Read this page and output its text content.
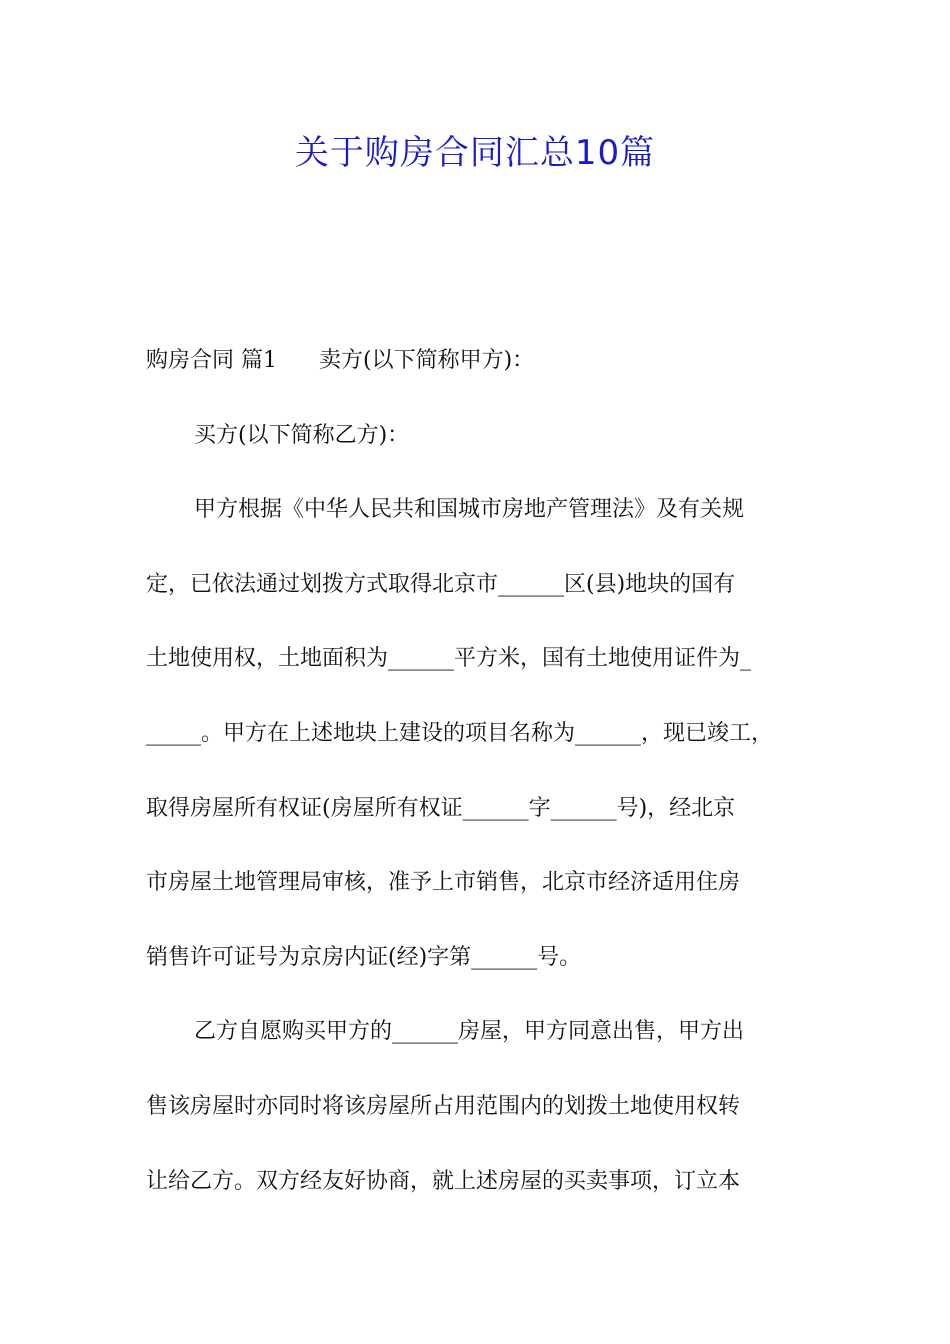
关于购房合同汇总10篇
购房合同 篇1 卖方(以下简称甲方)：
买方(以下简称乙方)：
甲方根据《中华人民共和国城市房地产管理法》及有关规
定，已依法通过划拨方式取得北京市______区(县)地块的国有
土地使用权，土地面积为______平方米，国有土地使用证件为_
_____。甲方在上述地块上建设的项目名称为______，现已竣工，
取得房屋所有权证(房屋所有权证______字______号)，经北京
市房屋土地管理局审核，准予上市销售，北京市经济适用住房
销售许可证号为京房内证(经)字第______号。
乙方自愿购买甲方的______房屋，甲方同意出售，甲方出
售该房屋时亦同时将该房屋所占用范围内的划拨土地使用权转
让给乙方。双方经友好协商，就上述房屋的买卖事项，订立本
